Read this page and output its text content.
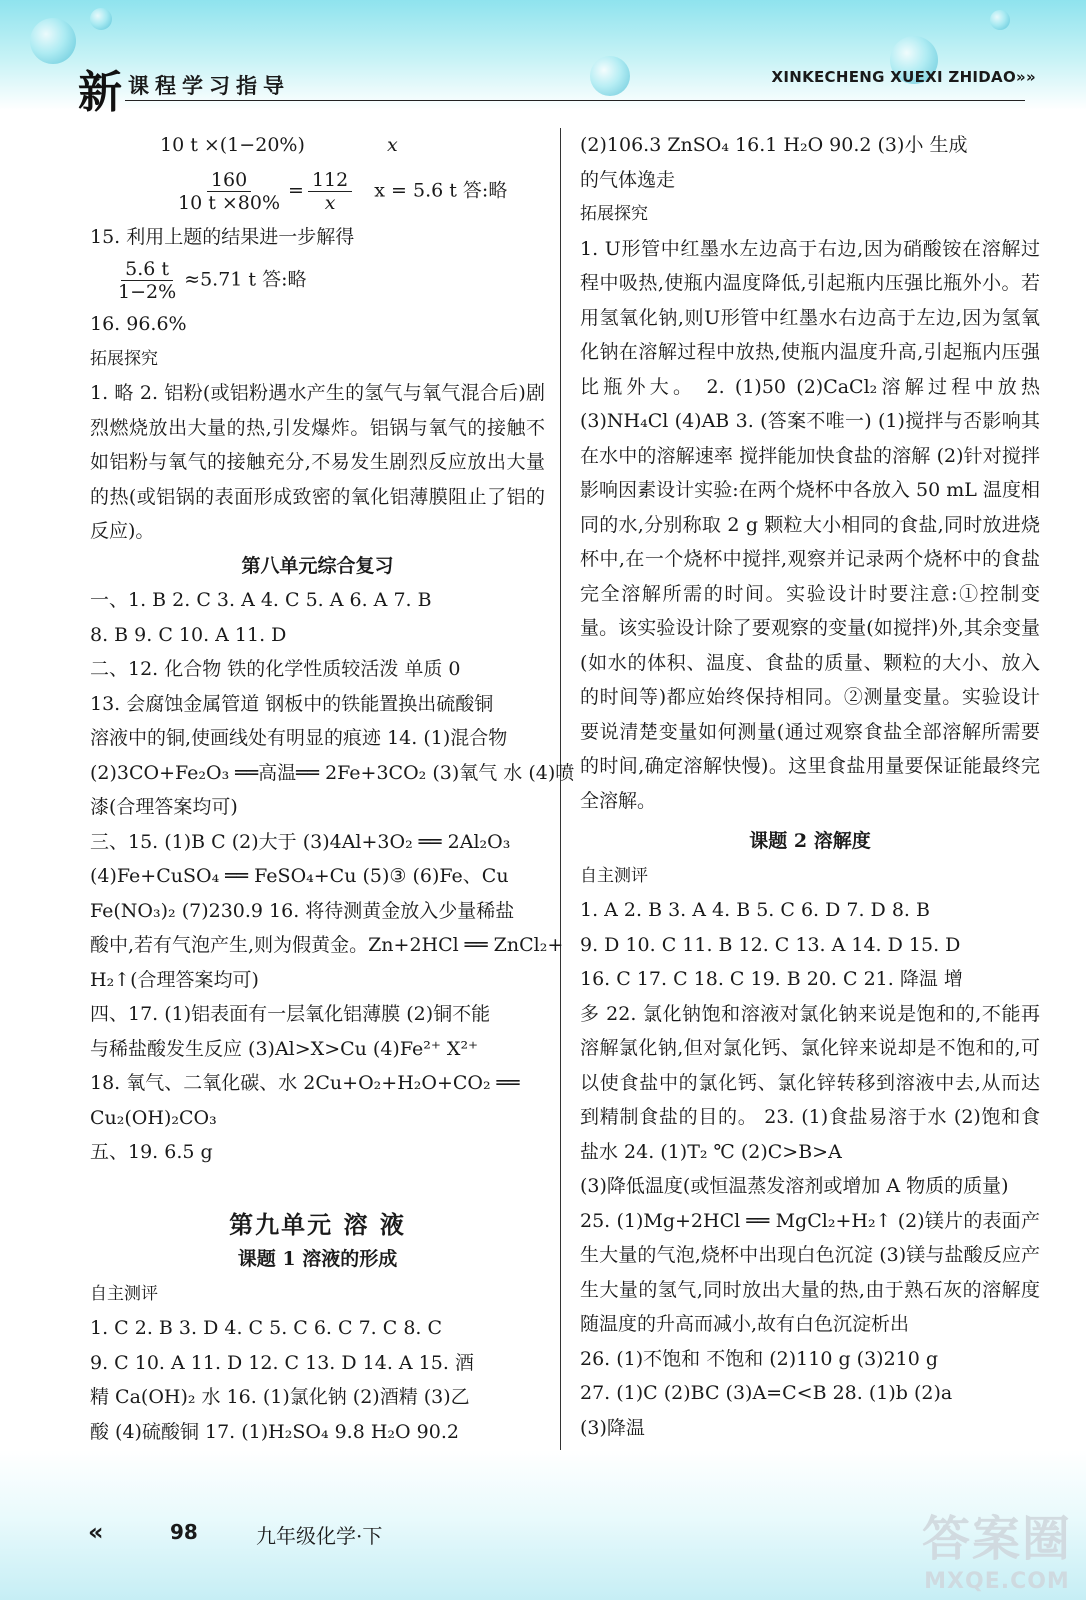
新 课程学习指导	XINKECHENG XUEXI ZHIDAO»»
10 t ×(1−20%)	x
$\frac{160}{10 t \times 80\%} = \frac{112}{x}$ x = 5.6 t 答:略
15. 利用上题的结果进一步解得
$\frac{5.6 t}{1-2\%} \approx 5.71$ t 答:略
16. 96.6%
拓展探究

1. 略 2. 铝粉(或铝粉遇水产生的氢气与氧气混合后)剧烈燃烧放出大量的热,引发爆炸。铝锅与氧气的接触不如铝粉与氧气的接触充分,不易发生剧烈反应放出大量的热(或铝锅的表面形成致密的氧化铝薄膜阻止了铝的反应)。

第八单元综合复习
一、1. B 2. C 3. A 4. C 5. A 6. A 7. B
8. B 9. C 10. A 11. D
二、12. 化合物 铁的化学性质较活泼 单质 0
13. 会腐蚀金属管道 钢板中的铁能置换出硫酸铜
溶液中的铜,使画线处有明显的痕迹 14. (1)混合物
(2)3CO+Fe₂O₃ ══高温══ 2Fe+3CO₂ (3)氧气 水 (4)喷
漆(合理答案均可)
三、15. (1)B C (2)大于 (3)4Al+3O₂ ══ 2Al₂O₃
(4)Fe+CuSO₄ ══ FeSO₄+Cu (5)③ (6)Fe、Cu
Fe(NO₃)₂ (7)230.9 16. 将待测黄金放入少量稀盐
酸中,若有气泡产生,则为假黄金。Zn+2HCl ══ ZnCl₂+
H₂↑(合理答案均可)
四、17. (1)铝表面有一层氧化铝薄膜 (2)铜不能
与稀盐酸发生反应 (3)Al>X>Cu (4)Fe²⁺ X²⁺
18. 氧气、二氧化碳、水 2Cu+O₂+H₂O+CO₂ ══
Cu₂(OH)₂CO₃
五、19. 6.5 g
第九单元 溶 液
课题 1 溶液的形成
自主测评
1. C 2. B 3. D 4. C 5. C 6. C 7. C 8. C
9. C 10. A 11. D 12. C 13. D 14. A 15. 酒
精 Ca(OH)₂ 水 16. (1)氯化钠 (2)酒精 (3)乙
酸 (4)硫酸铜 17. (1)H₂SO₄ 9.8 H₂O 90.2
(2)106.3 ZnSO₄ 16.1 H₂O 90.2 (3)小 生成
的气体逸走
拓展探究

1. U形管中红墨水左边高于右边,因为硝酸铵在溶解过程中吸热,使瓶内温度降低,引起瓶内压强比瓶外小。若用氢氧化钠,则U形管中红墨水右边高于左边,因为氢氧化钠在溶解过程中放热,使瓶内温度升高,引起瓶内压强比瓶外大。 2. (1)50 (2)CaCl₂溶解过程中放热 (3)NH₄Cl (4)AB 3. (答案不唯一) (1)搅拌与否影响其在水中的溶解速率 搅拌能加快食盐的溶解 (2)针对搅拌影响因素设计实验:在两个烧杯中各放入 50 mL 温度相同的水,分别称取 2 g 颗粒大小相同的食盐,同时放进烧杯中,在一个烧杯中搅拌,观察并记录两个烧杯中的食盐完全溶解所需的时间。实验设计时要注意:①控制变量。该实验设计除了要观察的变量(如搅拌)外,其余变量(如水的体积、温度、食盐的质量、颗粒的大小、放入的时间等)都应始终保持相同。②测量变量。实验设计要说清楚变量如何测量(通过观察食盐全部溶解所需要的时间,确定溶解快慢)。这里食盐用量要保证能最终完全溶解。

课题 2 溶解度
自主测评
1. A 2. B 3. A 4. B 5. C 6. D 7. D 8. B
9. D 10. C 11. B 12. C 13. A 14. D 15. D
16. C 17. C 18. C 19. B 20. C 21. 降温 增

多 22. 氯化钠饱和溶液对氯化钠来说是饱和的,不能再溶解氯化钠,但对氯化钙、氯化锌来说却是不饱和的,可以使食盐中的氯化钙、氯化锌转移到溶液中去,从而达到精制食盐的目的。 23. (1)食盐易溶于水 (2)饱和食盐水 24. (1)T₂ ℃ (2)C>B>A

(3)降低温度(或恒温蒸发溶剂或增加 A 物质的质量)

25. (1)Mg+2HCl ══ MgCl₂+H₂↑ (2)镁片的表面产生大量的气泡,烧杯中出现白色沉淀 (3)镁与盐酸反应产生大量的氢气,同时放出大量的热,由于熟石灰的溶解度随温度的升高而减小,故有白色沉淀析出

26. (1)不饱和 不饱和 (2)110 g (3)210 g
27. (1)C (2)BC (3)A=C<B 28. (1)b (2)a
(3)降温
«	98	九年级化学·下	答案圈
MXQE.COM
